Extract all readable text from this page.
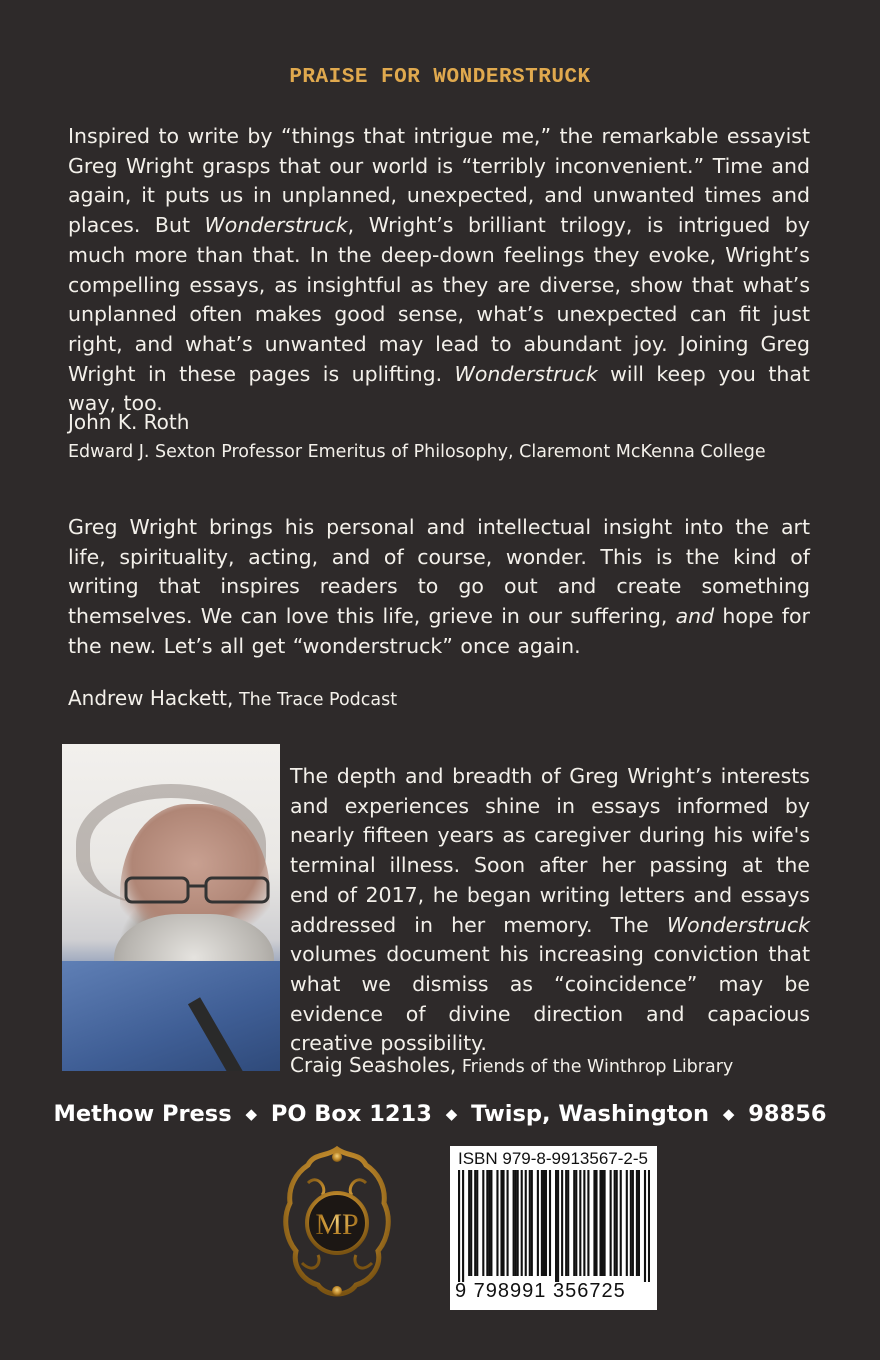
PRAISE FOR WONDERSTRUCK
Inspired to write by “things that intrigue me,” the remarkable essayist Greg Wright grasps that our world is “terribly inconvenient.” Time and again, it puts us in unplanned, unexpected, and unwanted times and places. But Wonderstruck, Wright’s brilliant trilogy, is intrigued by much more than that. In the deep-down feelings they evoke, Wright’s compelling essays, as insightful as they are diverse, show that what’s unplanned often makes good sense, what’s unexpected can fit just right, and what’s unwanted may lead to abundant joy. Joining Greg Wright in these pages is uplifting. Wonderstruck will keep you that way, too.
John K. Roth
Edward J. Sexton Professor Emeritus of Philosophy, Claremont McKenna College
Greg Wright brings his personal and intellectual insight into the art life, spirituality, acting, and of course, wonder. This is the kind of writing that inspires readers to go out and create something themselves. We can love this life, grieve in our suffering, and hope for the new. Let’s all get “wonderstruck” once again.
Andrew Hackett, The Trace Podcast
The depth and breadth of Greg Wright’s interests and experiences shine in essays informed by nearly fifteen years as caregiver during his wife's terminal illness. Soon after her passing at the end of 2017, he began writing letters and essays addressed in her memory. The Wonderstruck volumes document his increasing conviction that what we dismiss as “coincidence” may be evidence of divine direction and capacious creative possibility.
Craig Seasholes, Friends of the Winthrop Library
Methow Press ◆ PO Box 1213 ◆ Twisp, Washington ◆ 98856
MP
ISBN 979-8-9913567-2-5
9 798991 356725
